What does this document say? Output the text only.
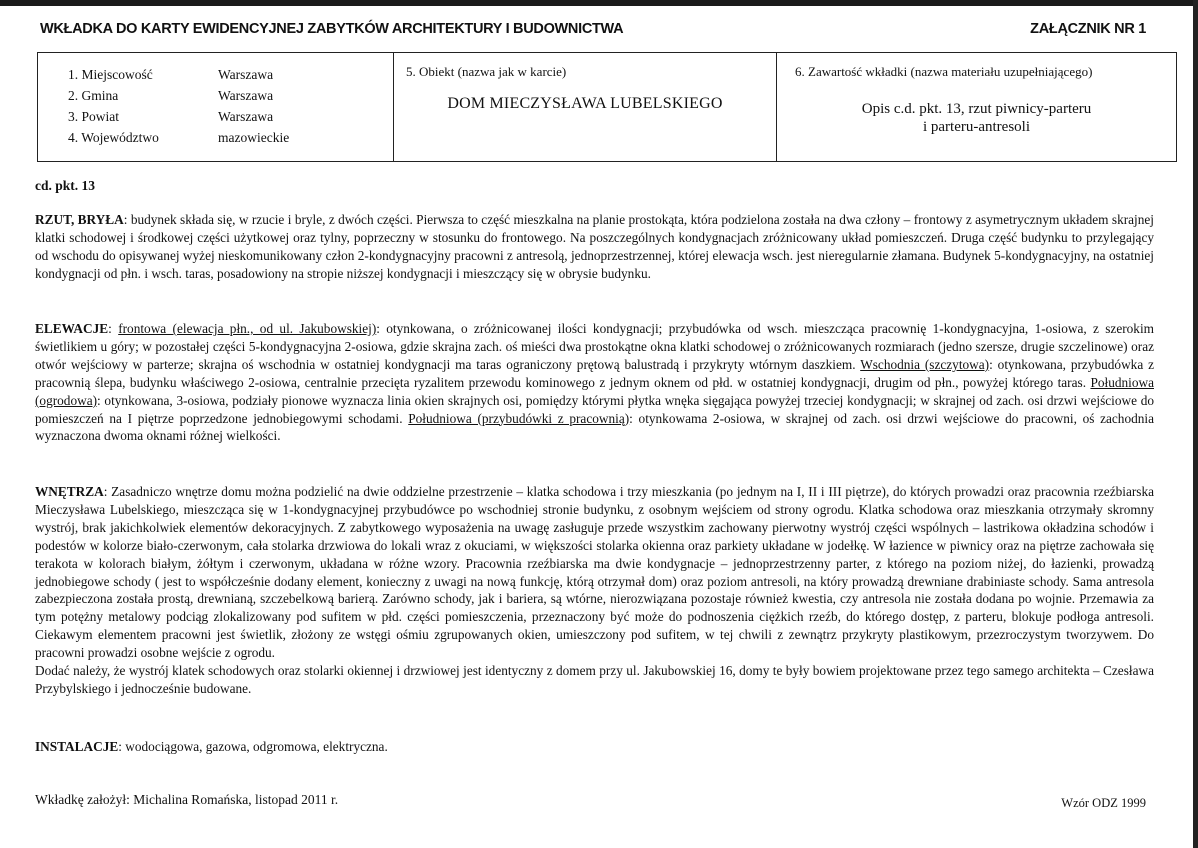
WKŁADKA DO KARTY EWIDENCYJNEJ ZABYTKÓW ARCHITEKTURY I BUDOWNICTWA	ZAŁĄCZNIK NR 1
1. Miejscowość	Warszawa
2. Gmina	Warszawa
3. Powiat	Warszawa
4. Województwo	mazowieckie
5. Obiekt (nazwa jak w karcie)
DOM MIECZYSŁAWA LUBELSKIEGO
6. Zawartość wkładki (nazwa materiału uzupełniającego)
Opis c.d. pkt. 13, rzut piwnicy-parteru
i parteru-antresoli
cd. pkt. 13
RZUT, BRYŁA: budynek składa się, w rzucie i bryle, z dwóch części. Pierwsza to część mieszkalna na planie prostokąta, która podzielona została na dwa człony – frontowy z asymetrycznym układem skrajnej klatki schodowej i środkowej części użytkowej oraz tylny, poprzeczny w stosunku do frontowego. Na poszczególnych kondygnacjach zróżnicowany układ pomieszczeń. Druga część budynku to przylegający od wschodu do opisywanej wyżej nieskomunikowany człon 2-kondygnacyjny pracowni z antresolą, jednoprzestrzennej, której elewacja wsch. jest nieregularnie złamana. Budynek 5-kondygnacyjny, na ostatniej kondygnacji od płn. i wsch. taras, posadowiony na stropie niższej kondygnacji i mieszczący się w obrysie budynku.
ELEWACJE: frontowa (elewacja płn., od ul. Jakubowskiej): otynkowana, o zróżnicowanej ilości kondygnacji; przybudówka od wsch. mieszcząca pracownię 1-kondygnacyjna, 1-osiowa, z szerokim świetlikiem u góry; w pozostałej części 5-kondygnacyjna 2-osiowa, gdzie skrajna zach. oś mieści dwa prostokątne okna klatki schodowej o zróżnicowanych rozmiarach (jedno szersze, drugie szczelinowe) oraz otwór wejściowy w parterze; skrajna oś wschodnia w ostatniej kondygnacji ma taras ograniczony prętową balustradą i przykryty wtórnym daszkiem. Wschodnia (szczytowa): otynkowana, przybudówka z pracownią ślepa, budynku właściwego 2-osiowa, centralnie przecięta ryzalitem przewodu kominowego z jednym oknem od płd. w ostatniej kondygnacji, drugim od płn., powyżej którego taras. Południowa (ogrodowa): otynkowana, 3-osiowa, podziały pionowe wyznacza linia okien skrajnych osi, pomiędzy którymi płytka wnęka sięgająca powyżej trzeciej kondygnacji; w skrajnej od zach. osi drzwi wejściowe do pomieszczeń na I piętrze poprzedzone jednobiegowymi schodami. Południowa (przybudówki z pracownią): otynkowama 2-osiowa, w skrajnej od zach. osi drzwi wejściowe do pracowni, oś zachodnia wyznaczona dwoma oknami różnej wielkości.
WNĘTRZA: Zasadniczo wnętrze domu można podzielić na dwie oddzielne przestrzenie – klatka schodowa i trzy mieszkania (po jednym na I, II i III piętrze), do których prowadzi oraz pracownia rzeźbiarska Mieczysława Lubelskiego, mieszcząca się w 1-kondygnacyjnej przybudówce po wschodniej stronie budynku, z osobnym wejściem od strony ogrodu. Klatka schodowa oraz mieszkania otrzymały skromny wystrój, brak jakichkolwiek elementów dekoracyjnych. Z zabytkowego wyposażenia na uwagę zasługuje przede wszystkim zachowany pierwotny wystrój części wspólnych – lastrikowa okładzina schodów i podestów w kolorze biało-czerwonym, cała stolarka drzwiowa do lokali wraz z okuciami, w większości stolarka okienna oraz parkiety układane w jodełkę. W łazience w piwnicy oraz na piętrze zachowała się terakota w kolorach białym, żółtym i czerwonym, układana w różne wzory. Pracownia rzeźbiarska ma dwie kondygnacje – jednoprzestrzenny parter, z którego na poziom niżej, do łazienki, prowadzą jednobiegowe schody ( jest to współcześnie dodany element, konieczny z uwagi na nową funkcję, którą otrzymał dom) oraz poziom antresoli, na który prowadzą drewniane drabiniaste schody. Sama antresola zabezpieczona została prostą, drewnianą, szczebelkową barierą. Zarówno schody, jak i bariera, są wtórne, nierozwiązana pozostaje również kwestia, czy antresola nie została dodana po wojnie. Przemawia za tym potężny metalowy podciąg zlokalizowany pod sufitem w płd. części pomieszczenia, przeznaczony być może do podnoszenia ciężkich rzeźb, do którego dostęp, z parteru, blokuje podłoga antresoli. Ciekawym elementem pracowni jest świetlik, złożony ze wstęgi ośmiu zgrupowanych okien, umieszczony pod sufitem, w tej chwili z zewnątrz przykryty plastikowym, przezroczystym tworzywem. Do pracowni prowadzi osobne wejście z ogrodu.
Dodać należy, że wystrój klatek schodowych oraz stolarki okiennej i drzwiowej jest identyczny z domem przy ul. Jakubowskiej 16, domy te były bowiem projektowane przez tego samego architekta – Czesława Przybylskiego i jednocześnie budowane.
INSTALACJE: wodociągowa, gazowa, odgromowa, elektryczna.
Wkładkę założył: Michalina Romańska, listopad 2011 r.	Wzór ODZ 1999
